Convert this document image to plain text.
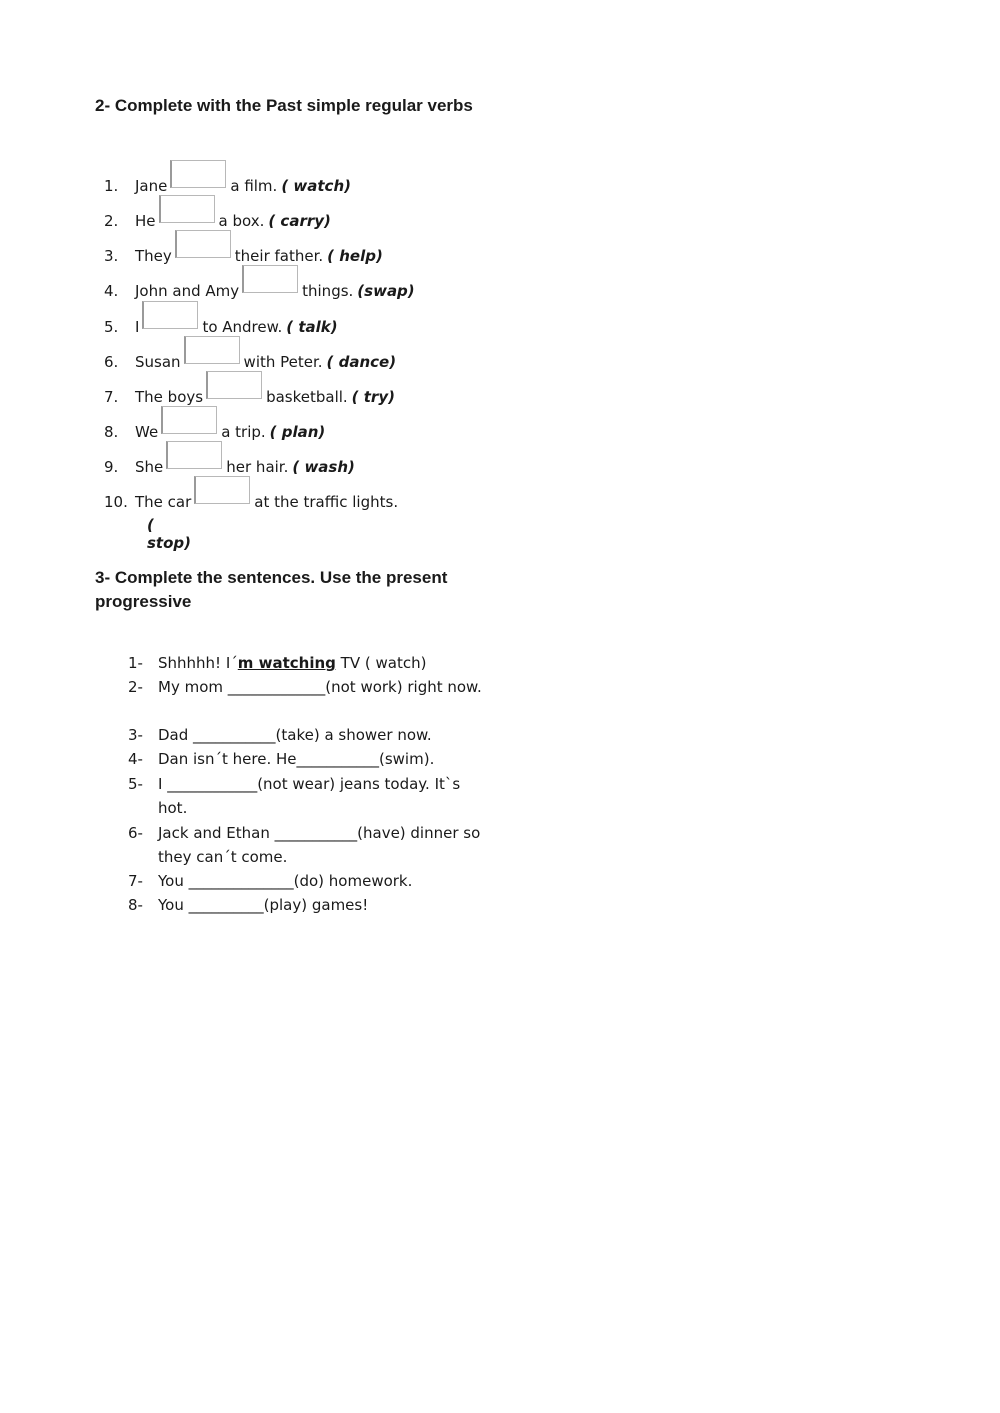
2- Complete with the Past simple regular verbs
1.	Jane	a film. ( watch)
2.	He	a box. ( carry)
3.	They	their father. ( help)
4.	John and Amy	things. (swap)
5.	I	to Andrew. ( talk)
6.	Susan	with Peter. ( dance)
7.	The boys	basketball. ( try)
8.	We	a trip. ( plan)
9.	She	her hair. ( wash)
10. The car	at the traffic lights.
( stop)
3- Complete the sentences. Use the present progressive
1-	Shhhhh! I´m watching TV ( watch)
2-	My mom _____________(not work) right now.
3-	Dad ___________(take) a shower now.
4-	Dan isn´t here. He___________(swim).
5-	I ____________(not wear) jeans today. It`s hot.
6-	Jack and Ethan ___________(have) dinner so they can´t come.
7-	You ______________(do) homework.
8-	You __________(play) games!
